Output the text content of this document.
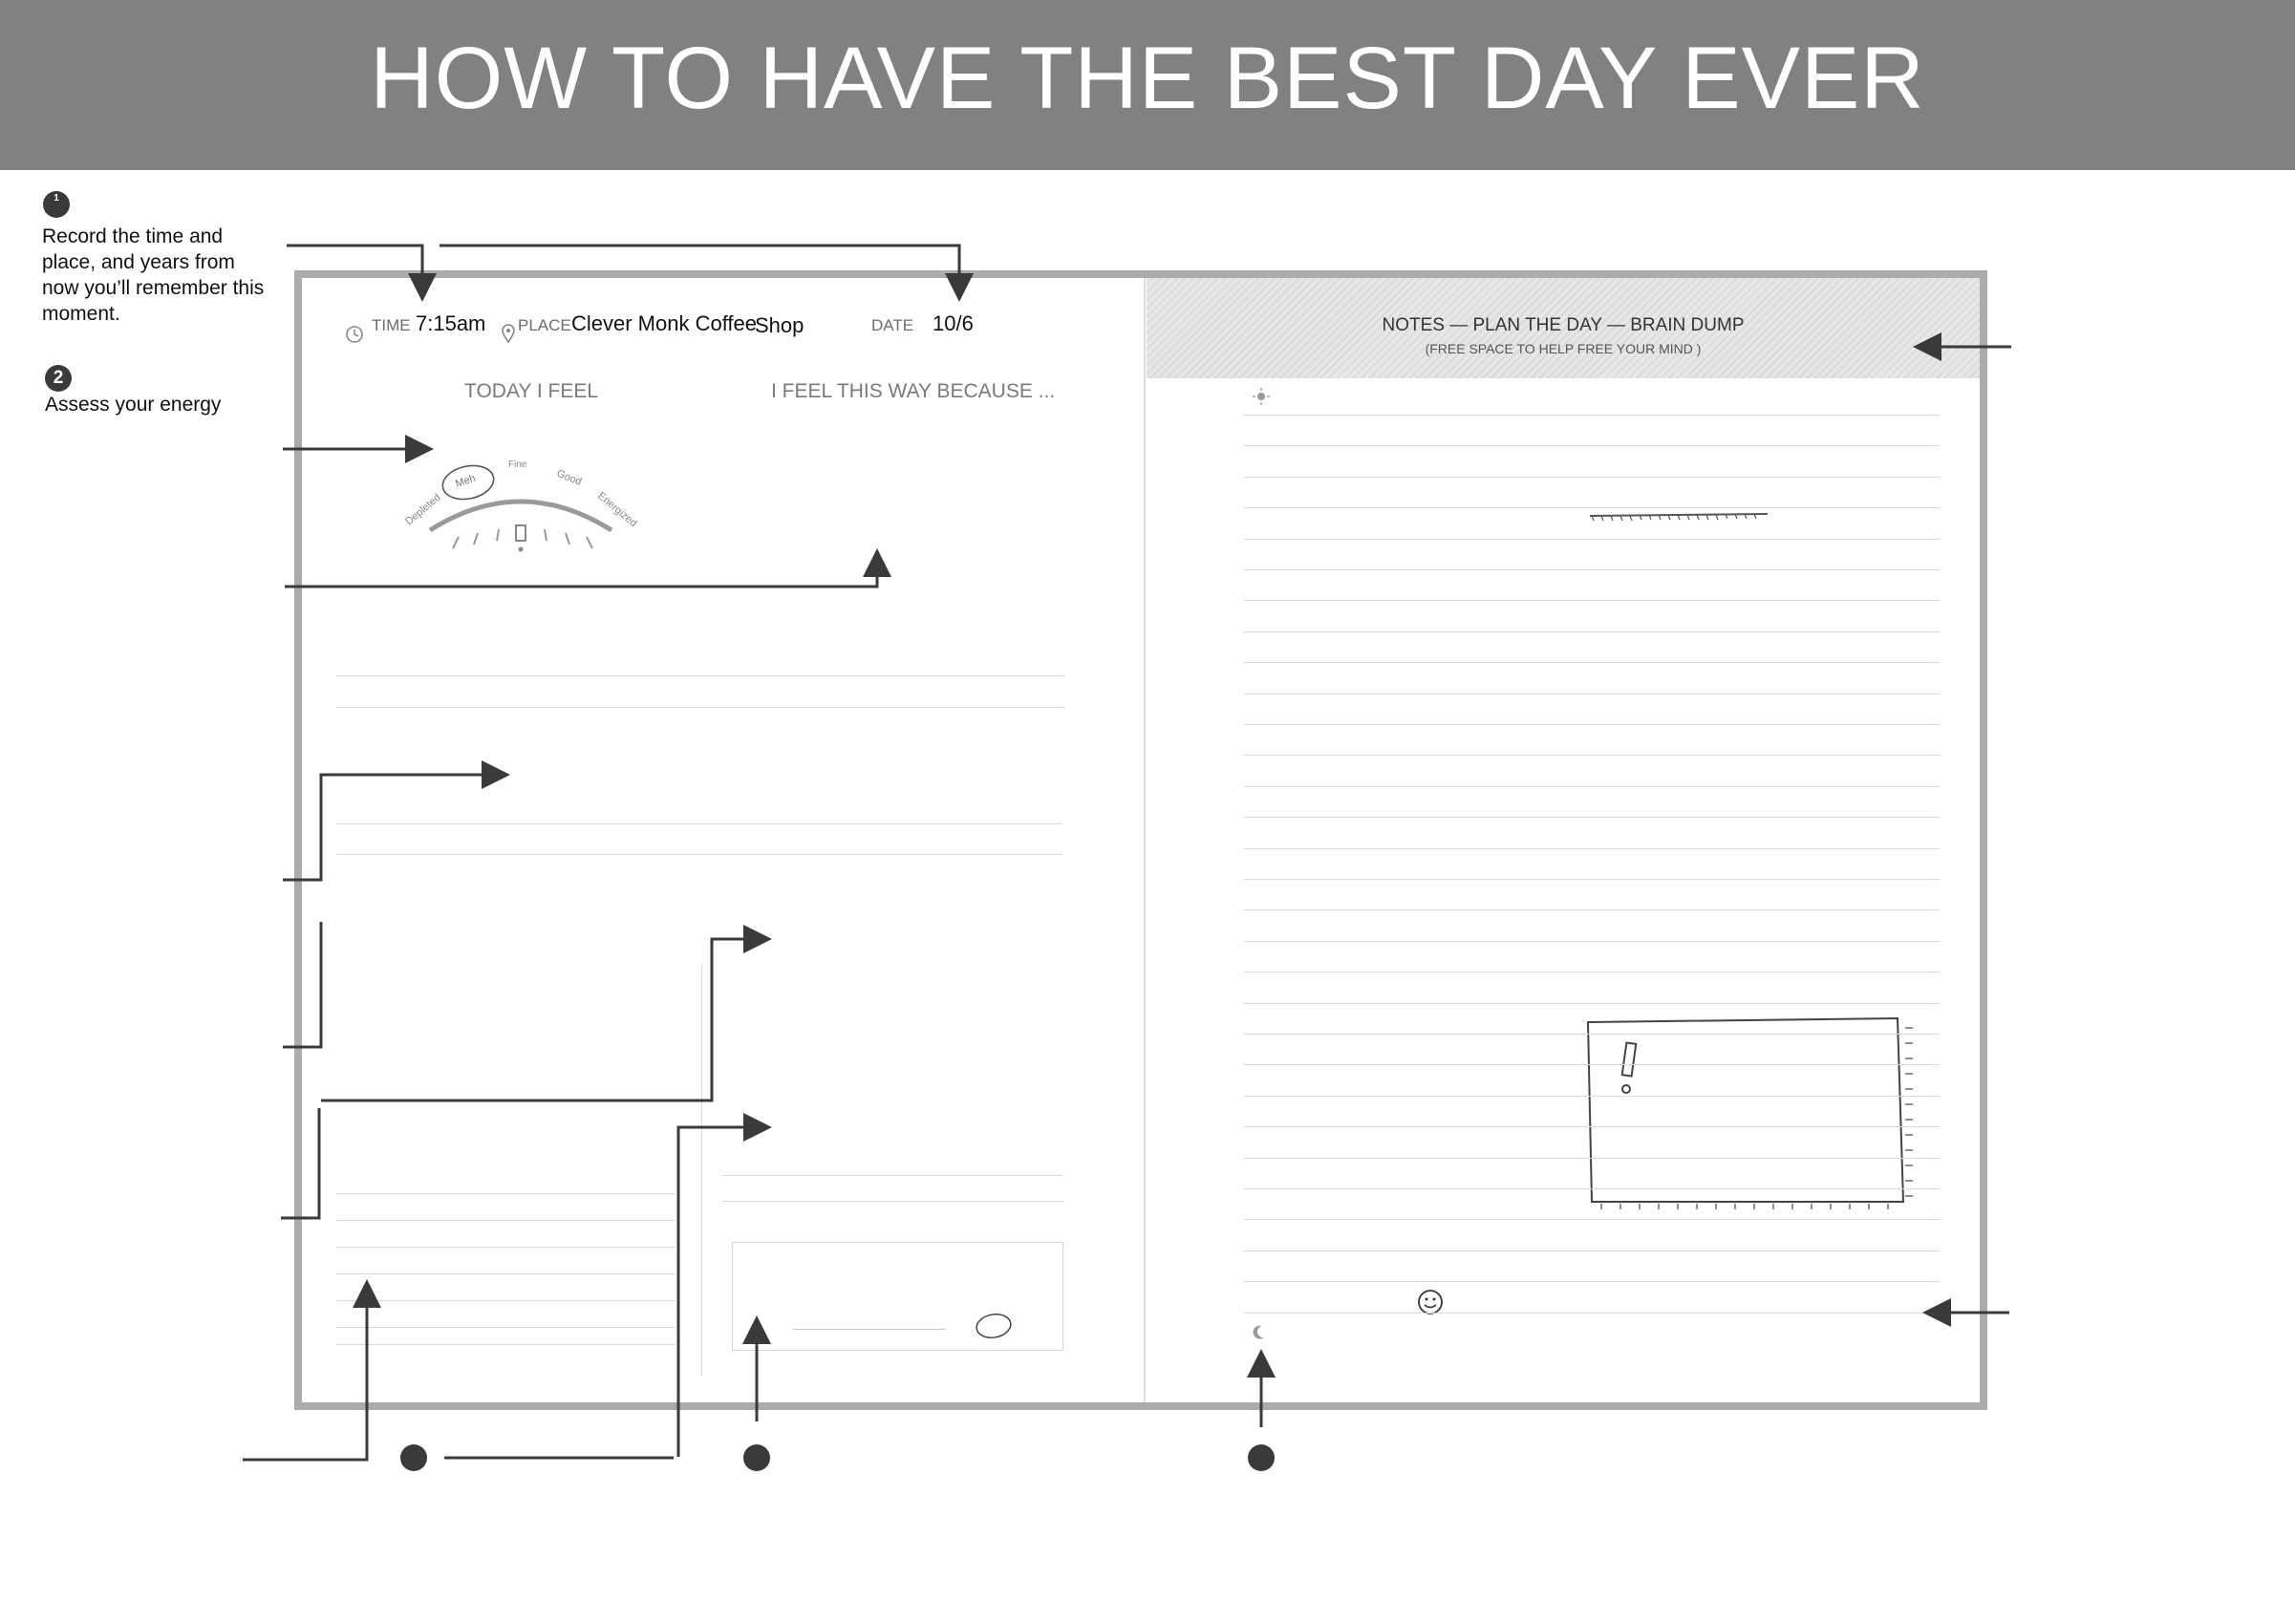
HOW TO HAVE THE BEST DAY EVER
1
Record the time and place, and years from now you’ll remember this moment.
2
Assess your energy
TIME 7:15am PLACE Clever Monk Coffee
Shop	DATE 10/6
TODAY I FEEL	I FEEL THIS WAY BECAUSE ...
Depleted
Meh
Fine
Good
Energized
NOTES — PLAN THE DAY — BRAIN DUMP
(FREE SPACE TO HELP FREE YOUR MIND )
